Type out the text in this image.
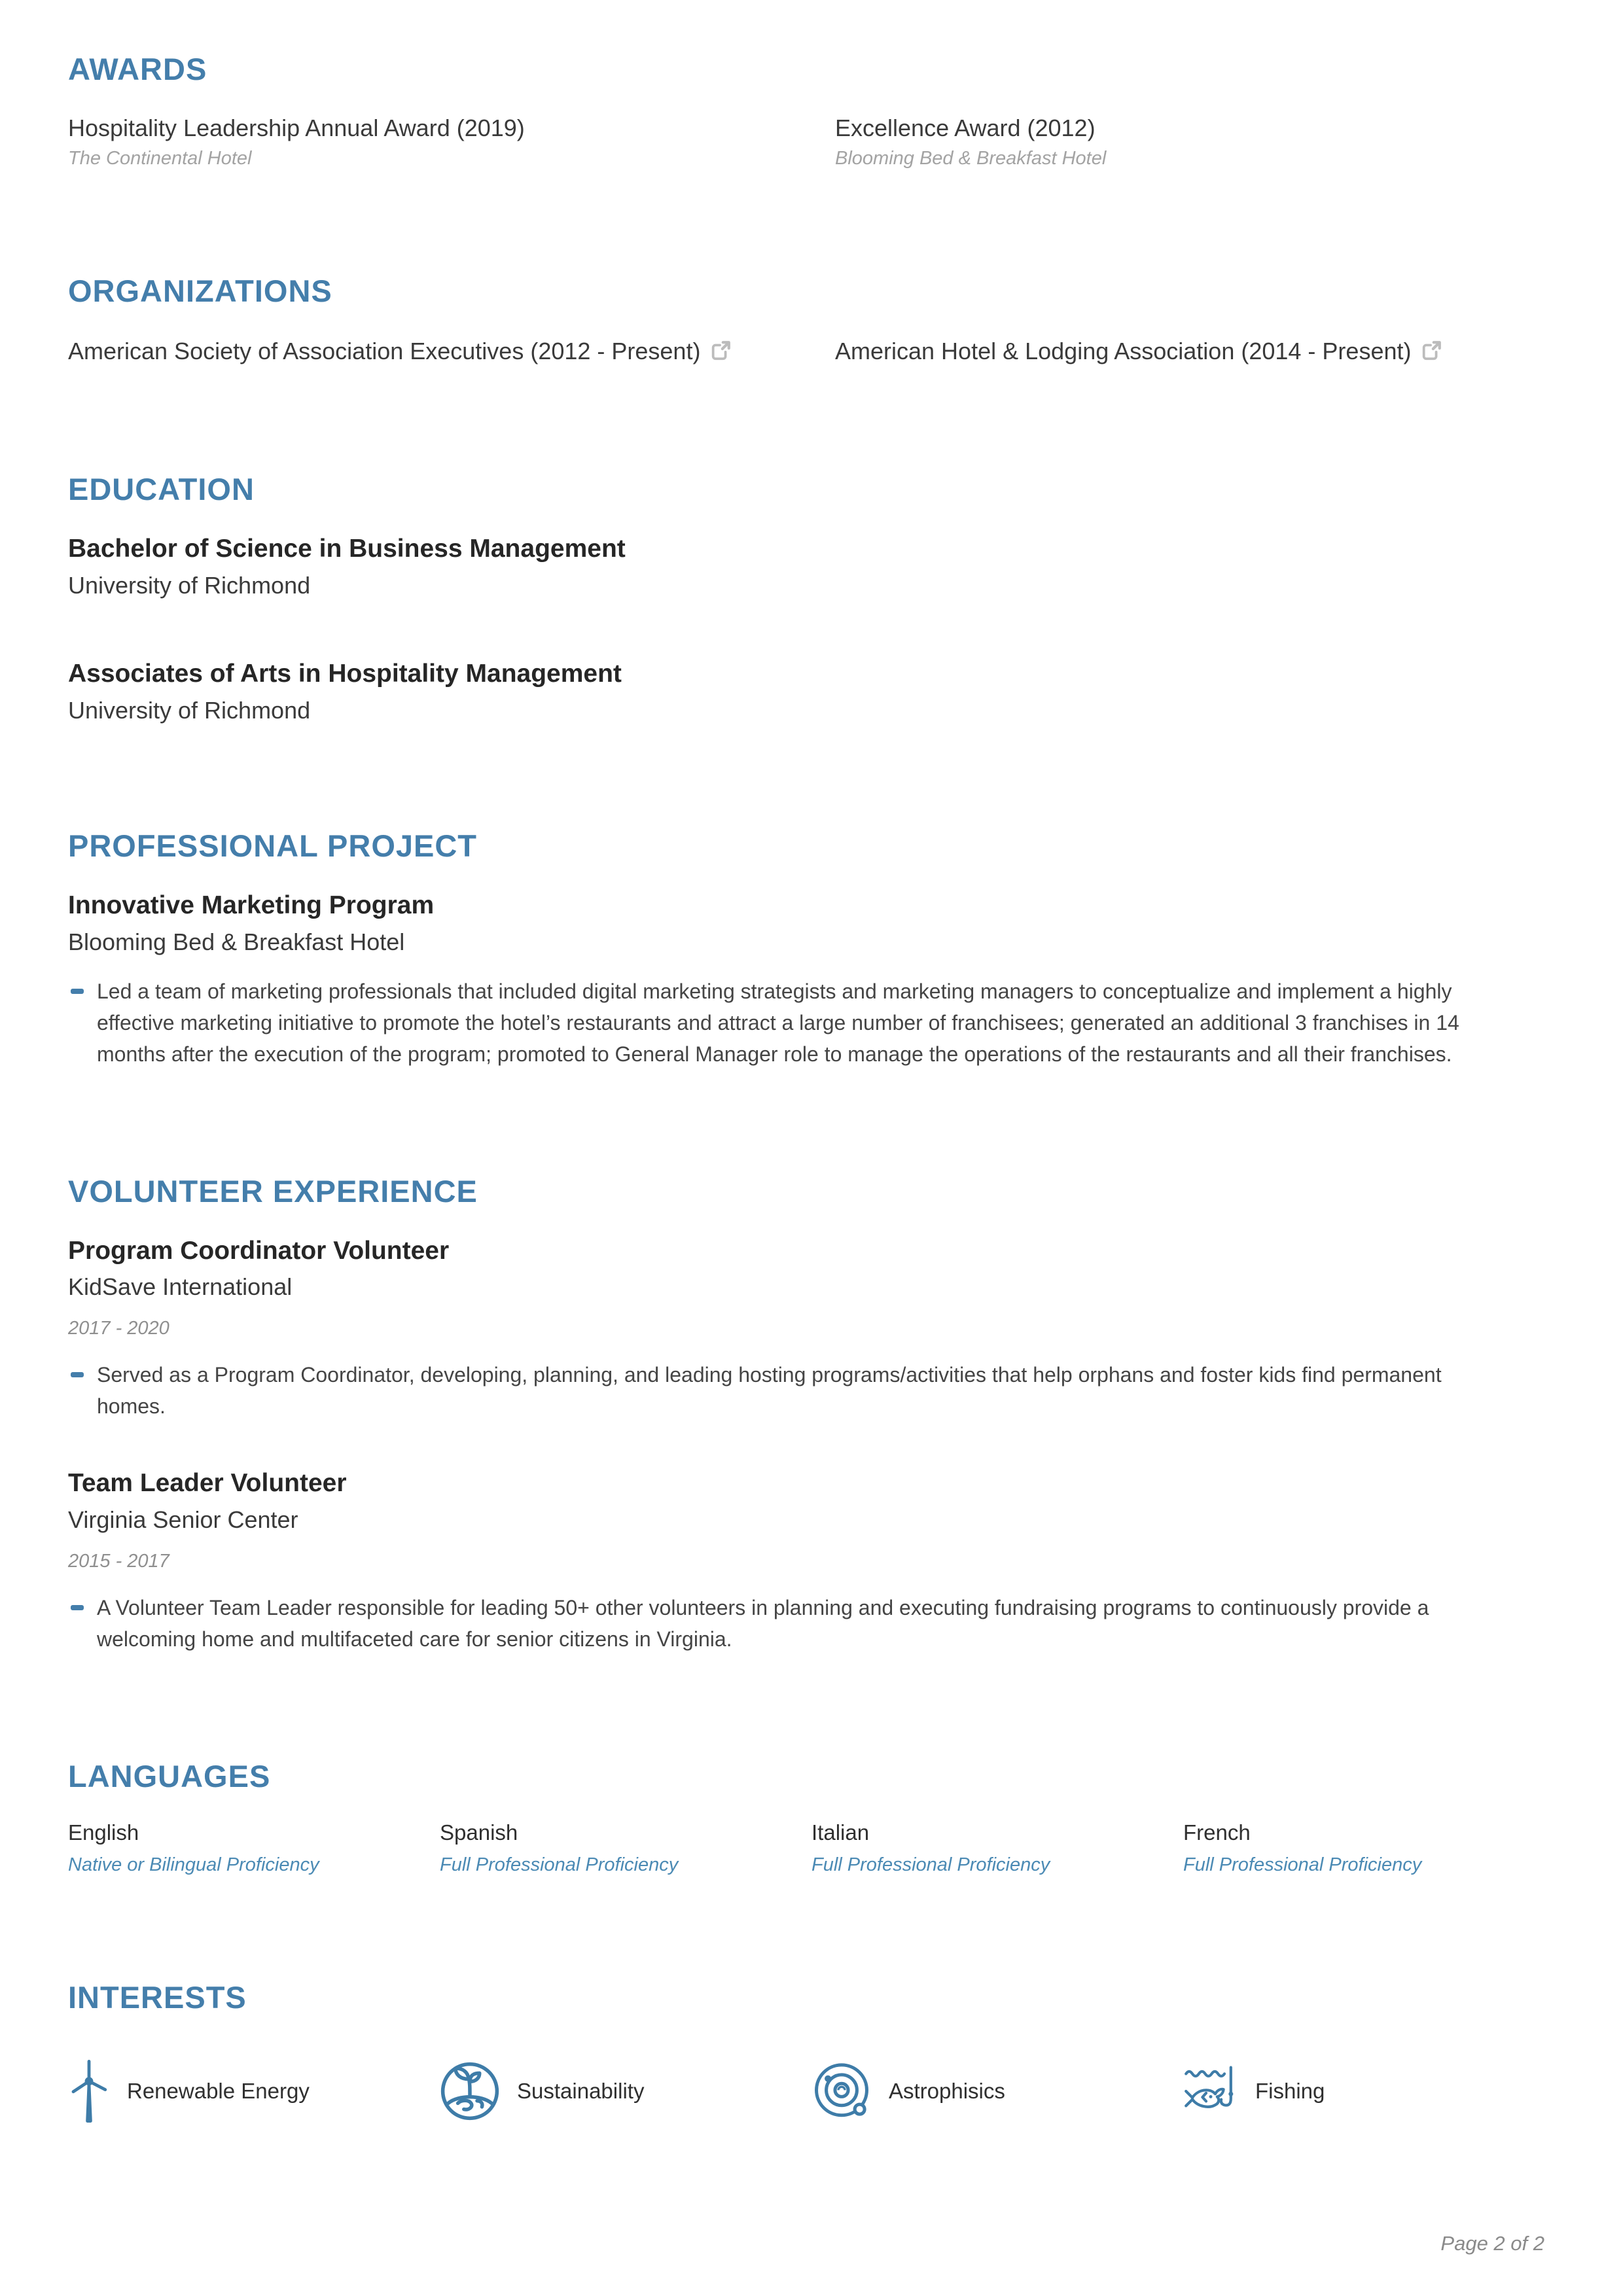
AWARDS
Hospitality Leadership Annual Award (2019)
The Continental Hotel
Excellence Award (2012)
Blooming Bed & Breakfast Hotel
ORGANIZATIONS
American Society of Association Executives (2012 - Present)	American Hotel & Lodging Association (2014 - Present)
EDUCATION
Bachelor of Science in Business Management
University of Richmond
Associates of Arts in Hospitality Management
University of Richmond
PROFESSIONAL PROJECT
Innovative Marketing Program
Blooming Bed & Breakfast Hotel
Led a team of marketing professionals that included digital marketing strategists and marketing managers to conceptualize and implement a highly effective marketing initiative to promote the hotel’s restaurants and attract a large number of franchisees; generated an additional 3 franchises in 14 months after the execution of the program; promoted to General Manager role to manage the operations of the restaurants and all their franchises.
VOLUNTEER EXPERIENCE
Program Coordinator Volunteer
KidSave International
2017 - 2020
Served as a Program Coordinator, developing, planning, and leading hosting programs/activities that help orphans and foster kids find permanent homes.
Team Leader Volunteer
Virginia Senior Center
2015 - 2017
A Volunteer Team Leader responsible for leading 50+ other volunteers in planning and executing fundraising programs to continuously provide a welcoming home and multifaceted care for senior citizens in Virginia.
LANGUAGES
English
Native or Bilingual Proficiency
Spanish
Full Professional Proficiency
Italian
Full Professional Proficiency
French
Full Professional Proficiency
INTERESTS
Renewable Energy	Sustainability	Astrophisics	Fishing
Page 2 of 2
